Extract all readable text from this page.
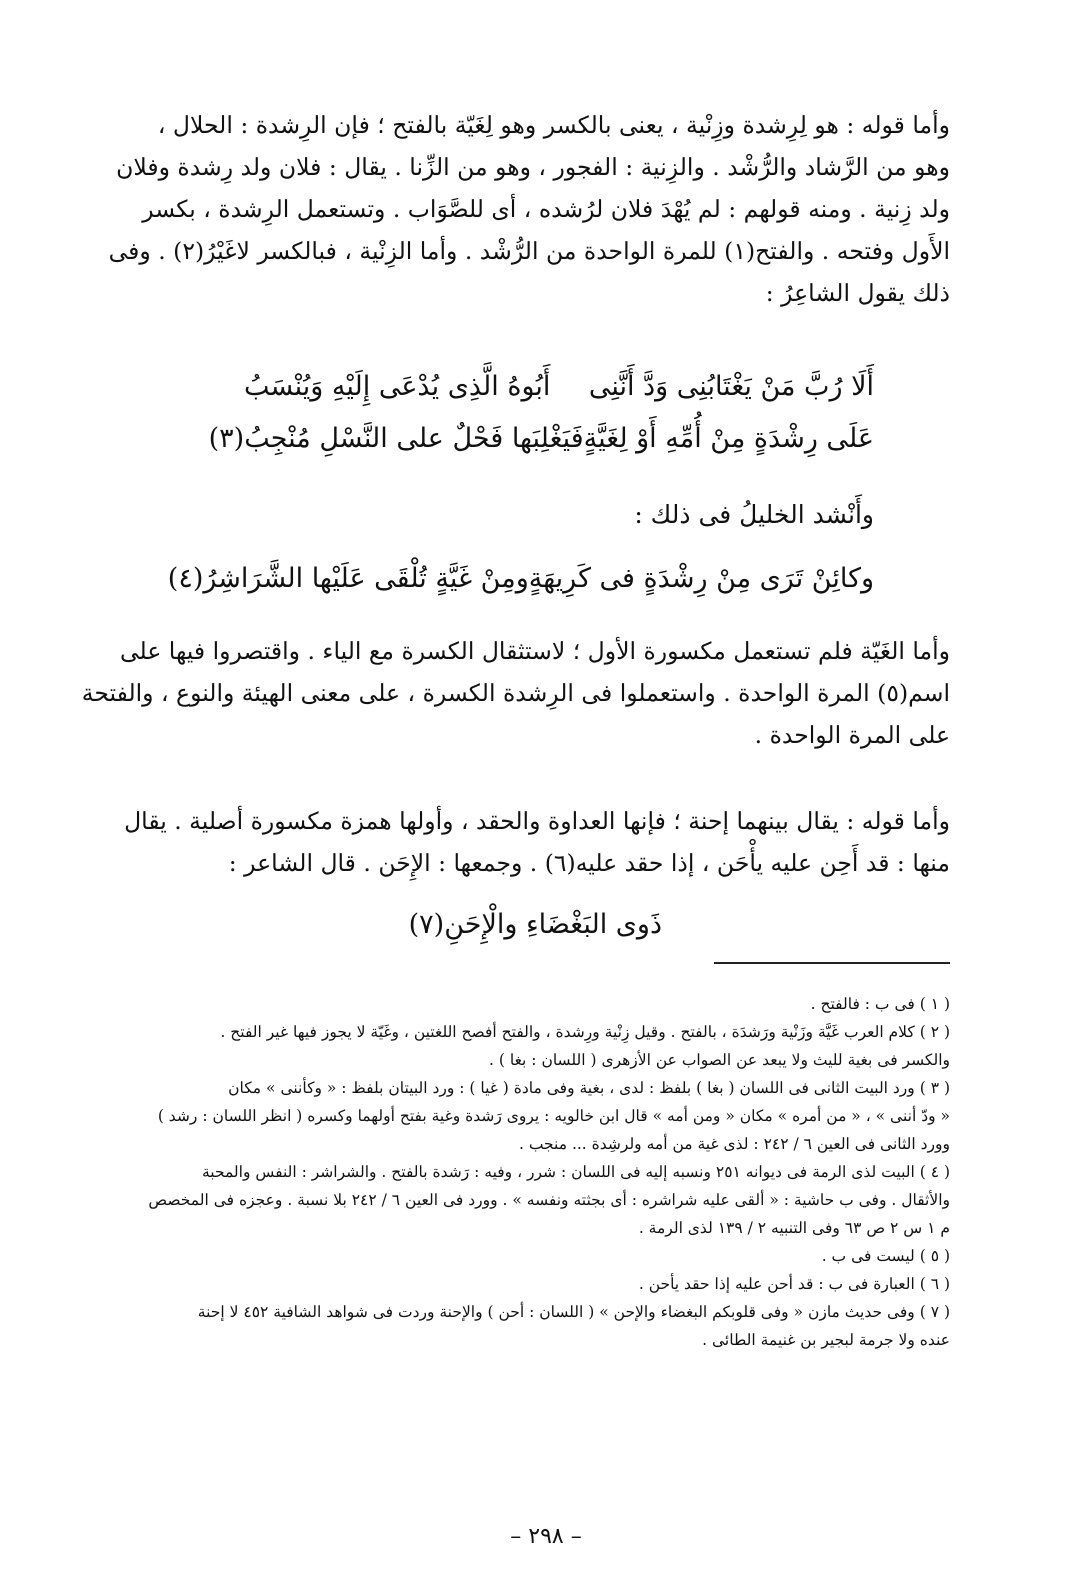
وأما قوله : هو لِرِشدة وزِنْية ، يعنى بالكسر وهو لِغَيّة بالفتح ؛ فإن الرِشدة : الحلال ،
وهو من الرَّشاد والرُّشْد . والزِنية : الفجور ، وهو من الزِّنا . يقال : فلان ولد رِشدة وفلان
ولد زِنية . ومنه قولهم : لم يُهْدَ فلان لرُشده ، أى للصَّوَاب . وتستعمل الرِشدة ، بكسر
الأَول وفتحه . والفتح(١) للمرة الواحدة من الرُّشْد . وأما الزِنْية ، فبالكسر لاغَيْرُ(٢) . وفى
ذلك يقول الشاعِرُ :
أَلَا رُبَّ مَنْ يَغْتَابُنِى وَدَّ أَنَّنِى
أَبُوهُ الَّذِى يُدْعَى إِلَيْهِ وَيُنْسَبُ
عَلَى رِشْدَةٍ مِنْ أُمِّهِ أَوْ لِغَيَّةٍ
فَيَغْلِبَها فَحْلٌ على النَّسْلِ مُنْجِبُ(٣)
وأَنْشد الخليلُ فى ذلك :
وكائِنْ تَرَى مِنْ رِشْدَةٍ فى كَرِيهَةٍ
ومِنْ غَيَّةٍ تُلْقَى عَلَيْها الشَّرَاشِرُ(٤)
وأما الغَيّة فلم تستعمل مكسورة الأول ؛ لاستثقال الكسرة مع الياء . واقتصروا فيها على
اسم(٥) المرة الواحدة . واستعملوا فى الرِشدة الكسرة ، على معنى الهيئة والنوع ، والفتحة
على المرة الواحدة .
وأما قوله : يقال بينهما إحنة ؛ فإنها العداوة والحقد ، وأولها همزة مكسورة أصلية . يقال
منها : قد أَحِن عليه يأْحَن ، إذا حقد عليه(٦) . وجمعها : الإِحَن . قال الشاعر :
ذَوى البَغْضَاءِ والْإِحَنِ(٧)
( ١ ) فى ب : فالفتح .
( ٢ ) كلام العرب غَيَّة وزَنْية ورَشدَة ، بالفتح . وقيل زِنْية ورِشدة ، والفتح أفصح اللغتين ، وغَيّة لا يجوز فيها غير الفتح .
والكسر فى بغية لليث ولا يبعد عن الصواب عن الأزهرى ( اللسان : بغا ) .
( ٣ ) ورد البيت الثانى فى اللسان ( بغا ) بلفظ : لدى ، بغية وفى مادة ( غيا ) : ورد البيتان بلفظ : « وكأننى » مكان
« ودّ أننى » ، « من أمره » مكان « ومن أمه » قال ابن خالويه : يروى رَشدة وغية بفتح أولهما وكسره ( انظر اللسان : رشد )
وورد الثانى فى العين ٦ / ٢٤٢ : لذى غية من أمه ولرشِدة ... منجب .
( ٤ ) البيت لذى الرمة فى ديوانه ٢٥١ ونسبه إليه فى اللسان : شرر ، وفيه : رَشدة بالفتح . والشراشر : النفس والمحبة
والأثقال . وفى ب حاشية : « ألقى عليه شراشره : أى بجثته ونفسه » . وورد فى العين ٦ / ٢٤٢ بلا نسبة . وعجزه فى المخصص
م ١ س ٢ ص ٦٣ وفى التنبيه ٢ / ١٣٩ لذى الرمة .
( ٥ ) ليست فى ب .
( ٦ ) العبارة فى ب : قد أحن عليه إذا حقد يأحن .
( ٧ ) وفى حديث مازن « وفى قلوبكم البغضاء والإحن » ( اللسان : أحن ) والإحنة وردت فى شواهد الشافية ٤٥٢ لا إحنة
عنده ولا جرمة لبجير بن غنيمة الطائى .
– ٢٩٨ –
